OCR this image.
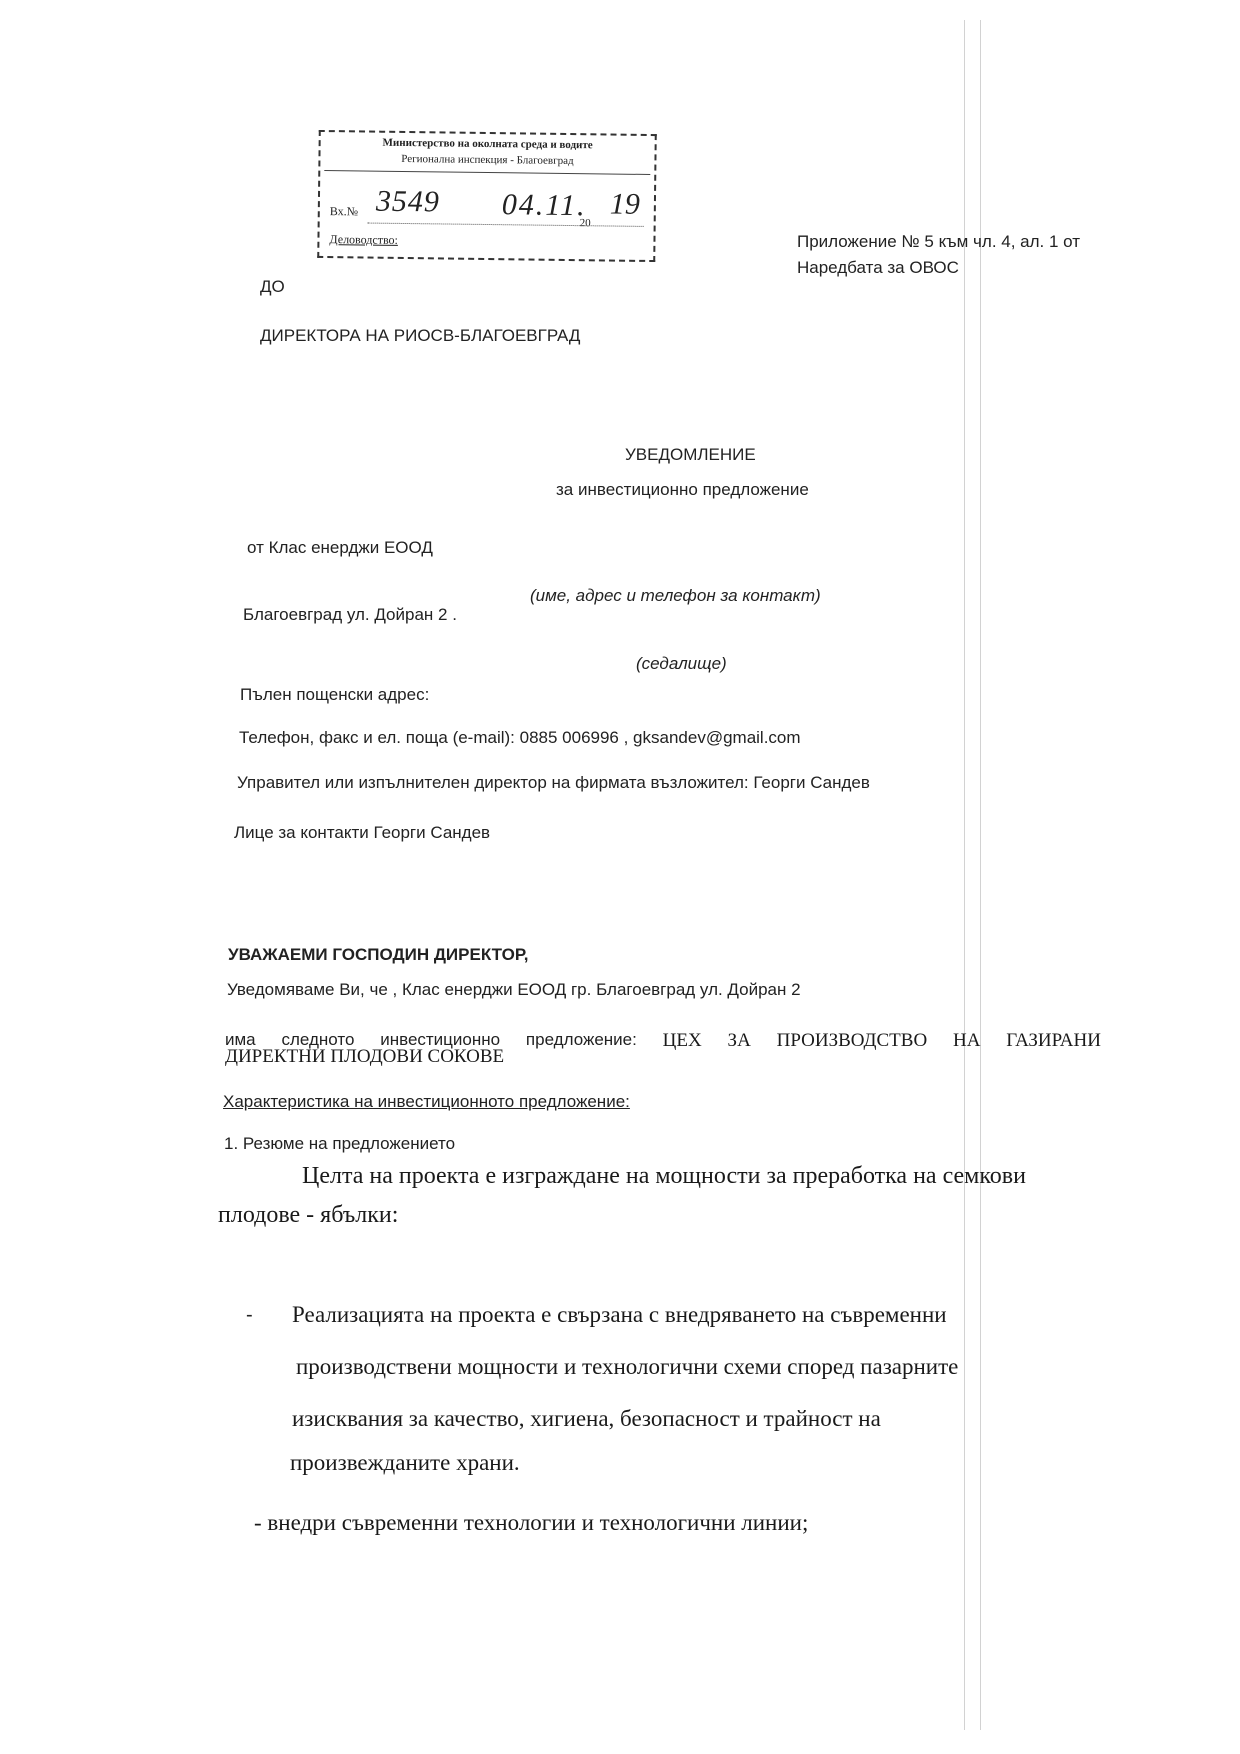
Министерство на околната среда и водите
Регионална инспекция - Благоевград
Вх.№ 3549 04.11.
20
19
Деловодство:	Приложение № 5 към чл. 4, ал. 1 от

Наредбата за ОВОС

ДО

ДИРЕКТОРА НА РИОСВ-БЛАГОЕВГРАД

УВЕДОМЛЕНИЕ

за инвестиционно предложение

от Клас енерджи ЕООД

(име, адрес и телефон за контакт)

Благоевград ул. Дойран 2 .

(седалище)

Пълен пощенски адрес:

Телефон, факс и ел. поща (e-mail): 0885 006996 , gksandev@gmail.com

Управител или изпълнителен директор на фирмата възложител: Георги Сандев

Лице за контакти Георги Сандев

УВАЖАЕМИ ГОСПОДИН ДИРЕКТОР,

Уведомяваме Ви, че , Клас енерджи ЕООД гр. Благоевград ул. Дойран 2

има следното инвестиционно предложение: ЦЕХ ЗА ПРОИЗВОДСТВО НА ГАЗИРАНИ

ДИРЕКТНИ ПЛОДОВИ СОКОВЕ

Характеристика на инвестиционното предложение:

1. Резюме на предложението

Целта на проекта е изграждане на мощности за преработка на семкови

плодове - ябълки:

- Реализацията на проекта е свързана с внедряването на съвременни

производствени мощности и технологични схеми според пазарните

изисквания за качество, хигиена, безопасност и трайност на

произвежданите храни.

- внедри съвременни технологии и технологични линии;
